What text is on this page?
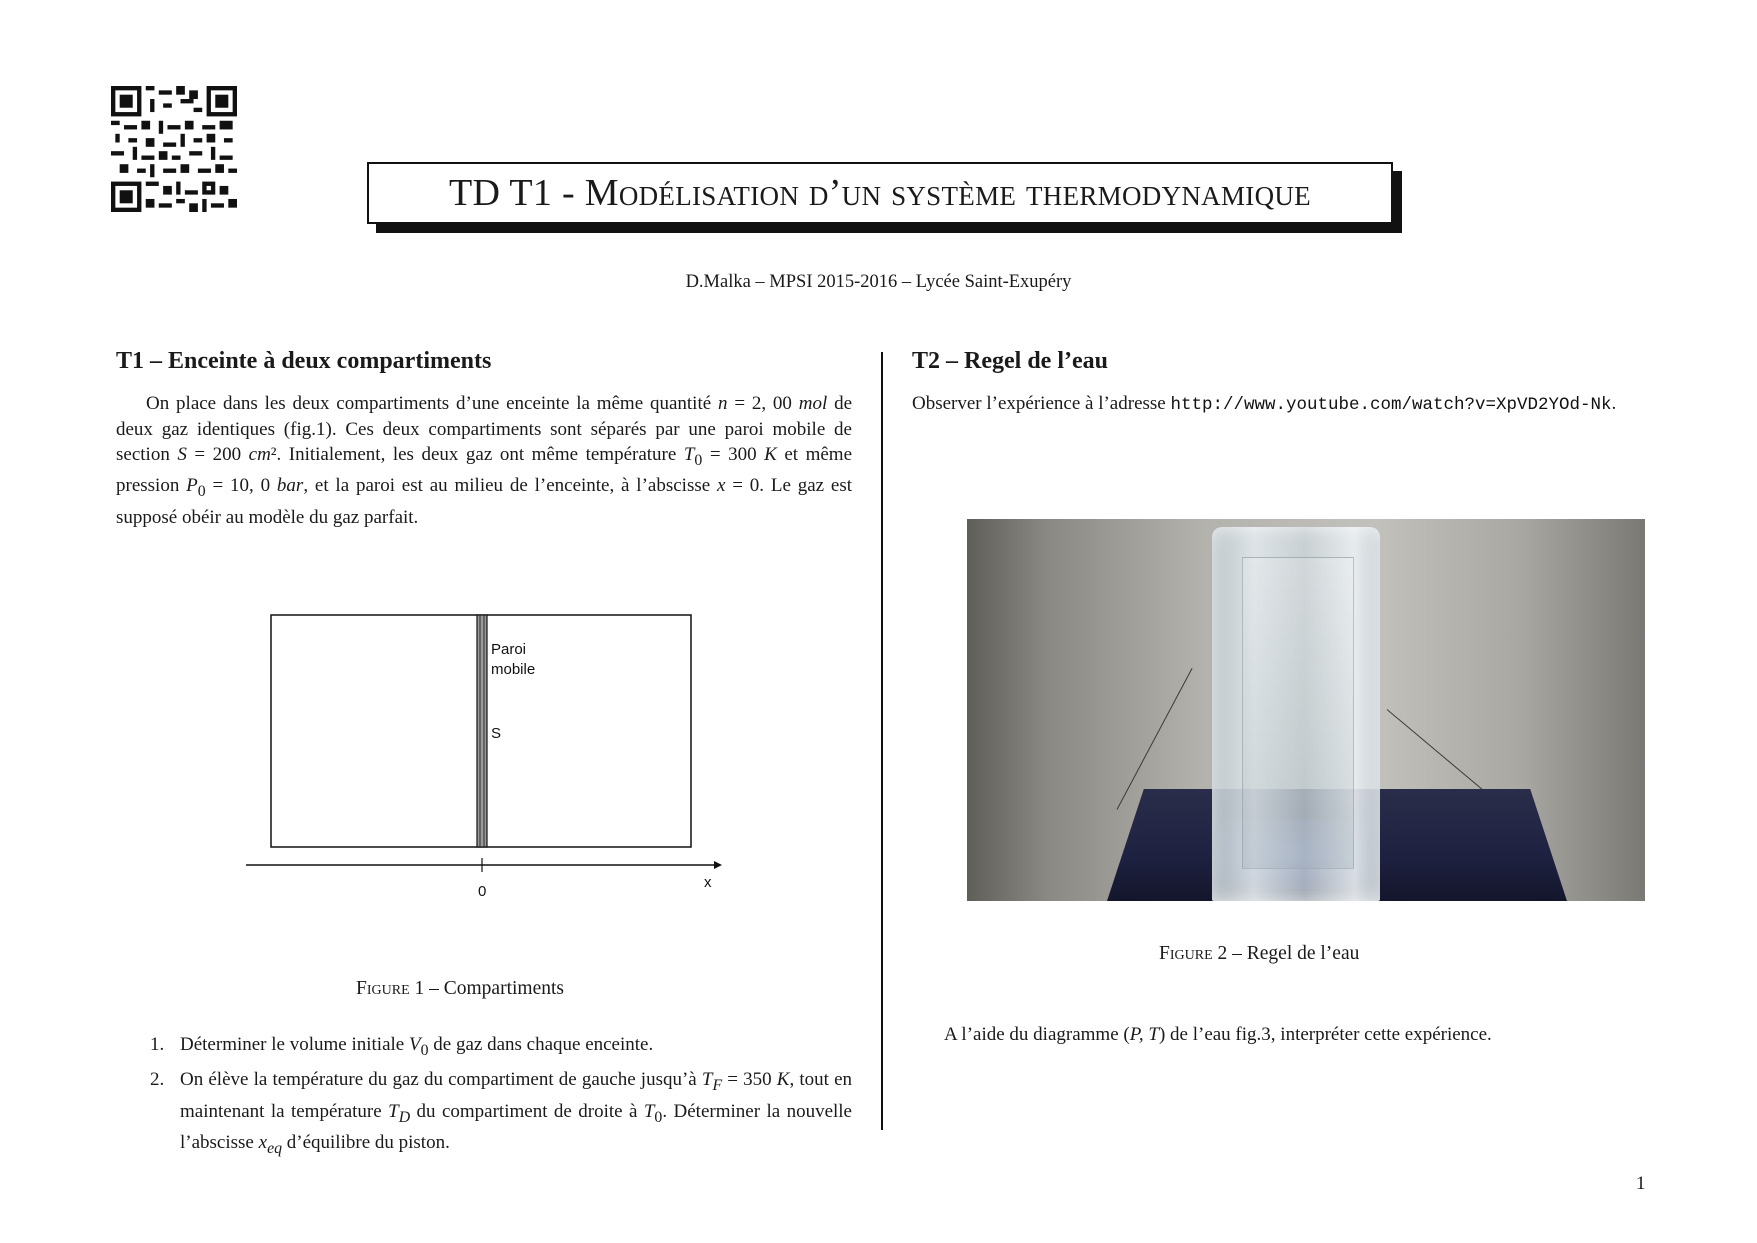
TD T1 - Modélisation d’un système thermodynamique
D.Malka – MPSI 2015-2016 – Lycée Saint-Exupéry
T1 – Enceinte à deux compartiments

On place dans les deux compartiments d’une enceinte la même quantité n = 2, 00 mol de deux gaz identiques (fig.1). Ces deux compartiments sont séparés par une paroi mobile de section S = 200 cm². Initialement, les deux gaz ont même température $T_0 = 300$ K et même pression $P_0 = 10$, 0 bar, et la paroi est au milieu de l’enceinte, à l’abscisse x = 0. Le gaz est supposé obéir au modèle du gaz parfait.

Paroi
mobile
S
0
x
Figure 1 – Compartiments
1. Déterminer le volume initiale $V_0$ de gaz dans chaque enceinte.
2. On élève la température du gaz du compartiment de gauche jusqu’à $T_F = 350$ K, tout en maintenant la température $T_D$ du compartiment de droite à $T_0$. Déterminer la nouvelle l’abscisse $x_{eq}$ d’équilibre du piston.
T2 – Regel de l’eau

Observer l’expérience à l’adresse http://www.youtube.com/watch?v=XpVD2YOd-Nk.

Figure 2 – Regel de l’eau

A l’aide du diagramme (P, T) de l’eau fig.3, interpréter cette expérience.

1
